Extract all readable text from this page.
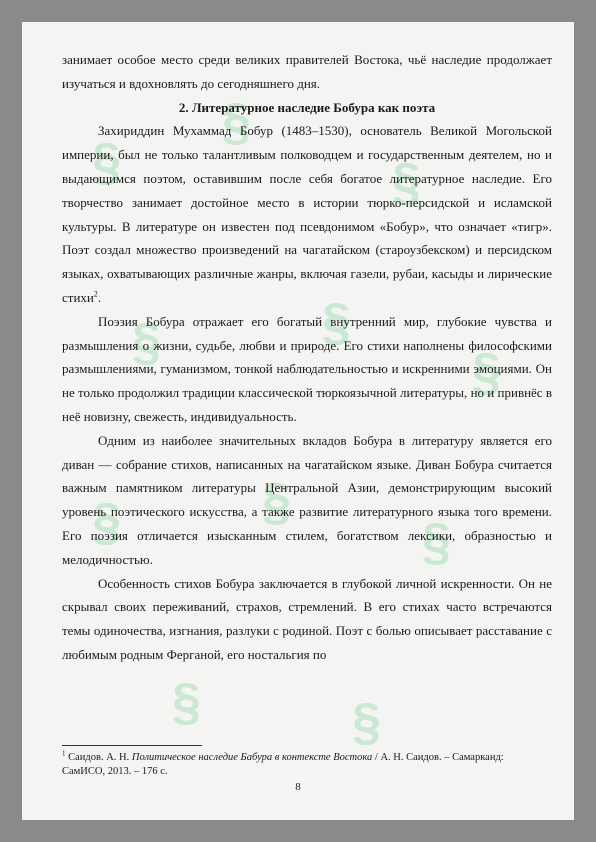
§
§
§
§	§
§
§	§
§
§	§

занимает особое место среди великих правителей Востока, чьё наследие продолжает изучаться и вдохновлять до сегодняшнего дня.

2. Литературное наследие Бобура как поэта

Захириддин Мухаммад Бобур (1483–1530), основатель Великой Могольской империи, был не только талантливым полководцем и государственным деятелем, но и выдающимся поэтом, оставившим после себя богатое литературное наследие. Его творчество занимает достойное место в истории тюрко-персидской и исламской культуры. В литературе он известен под псевдонимом «Бобур», что означает «тигр». Поэт создал множество произведений на чагатайском (староузбекском) и персидском языках, охватывающих различные жанры, включая газели, рубаи, касыды и лирические стихи$^2$.

Поэзия Бобура отражает его богатый внутренний мир, глубокие чувства и размышления о жизни, судьбе, любви и природе. Его стихи наполнены философскими размышлениями, гуманизмом, тонкой наблюдательностью и искренними эмоциями. Он не только продолжил традиции классической тюркоязычной литературы, но и привнёс в неё новизну, свежесть, индивидуальность.

Одним из наиболее значительных вкладов Бобура в литературу является его диван — собрание стихов, написанных на чагатайском языке. Диван Бобура считается важным памятником литературы Центральной Азии, демонстрирующим высокий уровень поэтического искусства, а также развитие литературного языка того времени. Его поэзия отличается изысканным стилем, богатством лексики, образностью и мелодичностью.

Особенность стихов Бобура заключается в глубокой личной искренности. Он не скрывал своих переживаний, страхов, стремлений. В его стихах часто встречаются темы одиночества, изгнания, разлуки с родиной. Поэт с болью описывает расставание с любимым родным Ферганой, его ностальгия по

$^1$ Саидов. А. Н. Политическое наследие Бабура в контексте Востока / А. Н. Саидов. – Самарканд: СамИСО, 2013. – 176 с.
8
